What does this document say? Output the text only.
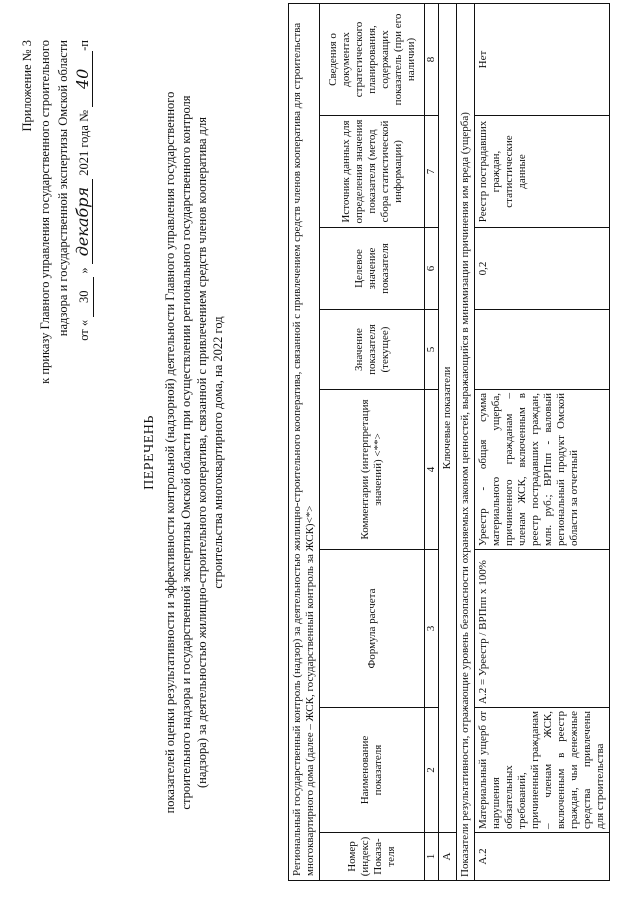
Приложение № 3 к приказу Главного управления государственного строительного надзора и государственной экспертизы Омской области от « 30 » декабря 2021 года № 40-п
ПЕРЕЧЕНЬ показателей оценки результативности и эффективности контрольной (надзорной) деятельности Главного управления государственного строительного надзора и государственной экспертизы Омской области при осуществлении регионального государственного контроля (надзора) за деятельностью жилищно-строительного кооператива, связанной с привлечением средств членов кооператива для строительства многоквартирного дома, на 2022 год	Региональный государственный контроль (надзор) за деятельностью жилищно-строительного кооператива, связанной с привлечением средств членов кооператива для строительства многоквартирного дома (далее – ЖСК, государственный контроль за ЖСК)<*>							
Номер (индекс) Показа-теля	Наименование показателя	Формула расчета	Комментарии (интерпретация значений) <**>	Значение показателя (текущее)	Целевое значение показателя	Источник данных для определения значения показателя (метод сбора статистической информации)	Сведения о документах стратегического планирования, содержащих показатель (при его наличии)
1	2	3	4	5	6	7	8
А	Ключевые показатели						
Показатели результативности, отражающие уровень безопасности охраняемых законом ценностей, выражающийся в минимизации причинения им вреда (ущерба)							
А.2	Материальный ущерб от нарушения обязательных требований, причиненный гражданам – членам ЖСК, включенным в реестр граждан, чьи денежные средства привлечены для строительства	А.2 = Уреестр / ВРПпп х 100%	Уреестр - общая сумма материального ущерба, причиненного гражданам – членам ЖСК, включенным в реестр пострадавших граждан, млн. руб.; ВРПпп - валовый региональный продукт Омской области за отчетный		0,2	Реестр пострадавших граждан, статистические данные	Нет
